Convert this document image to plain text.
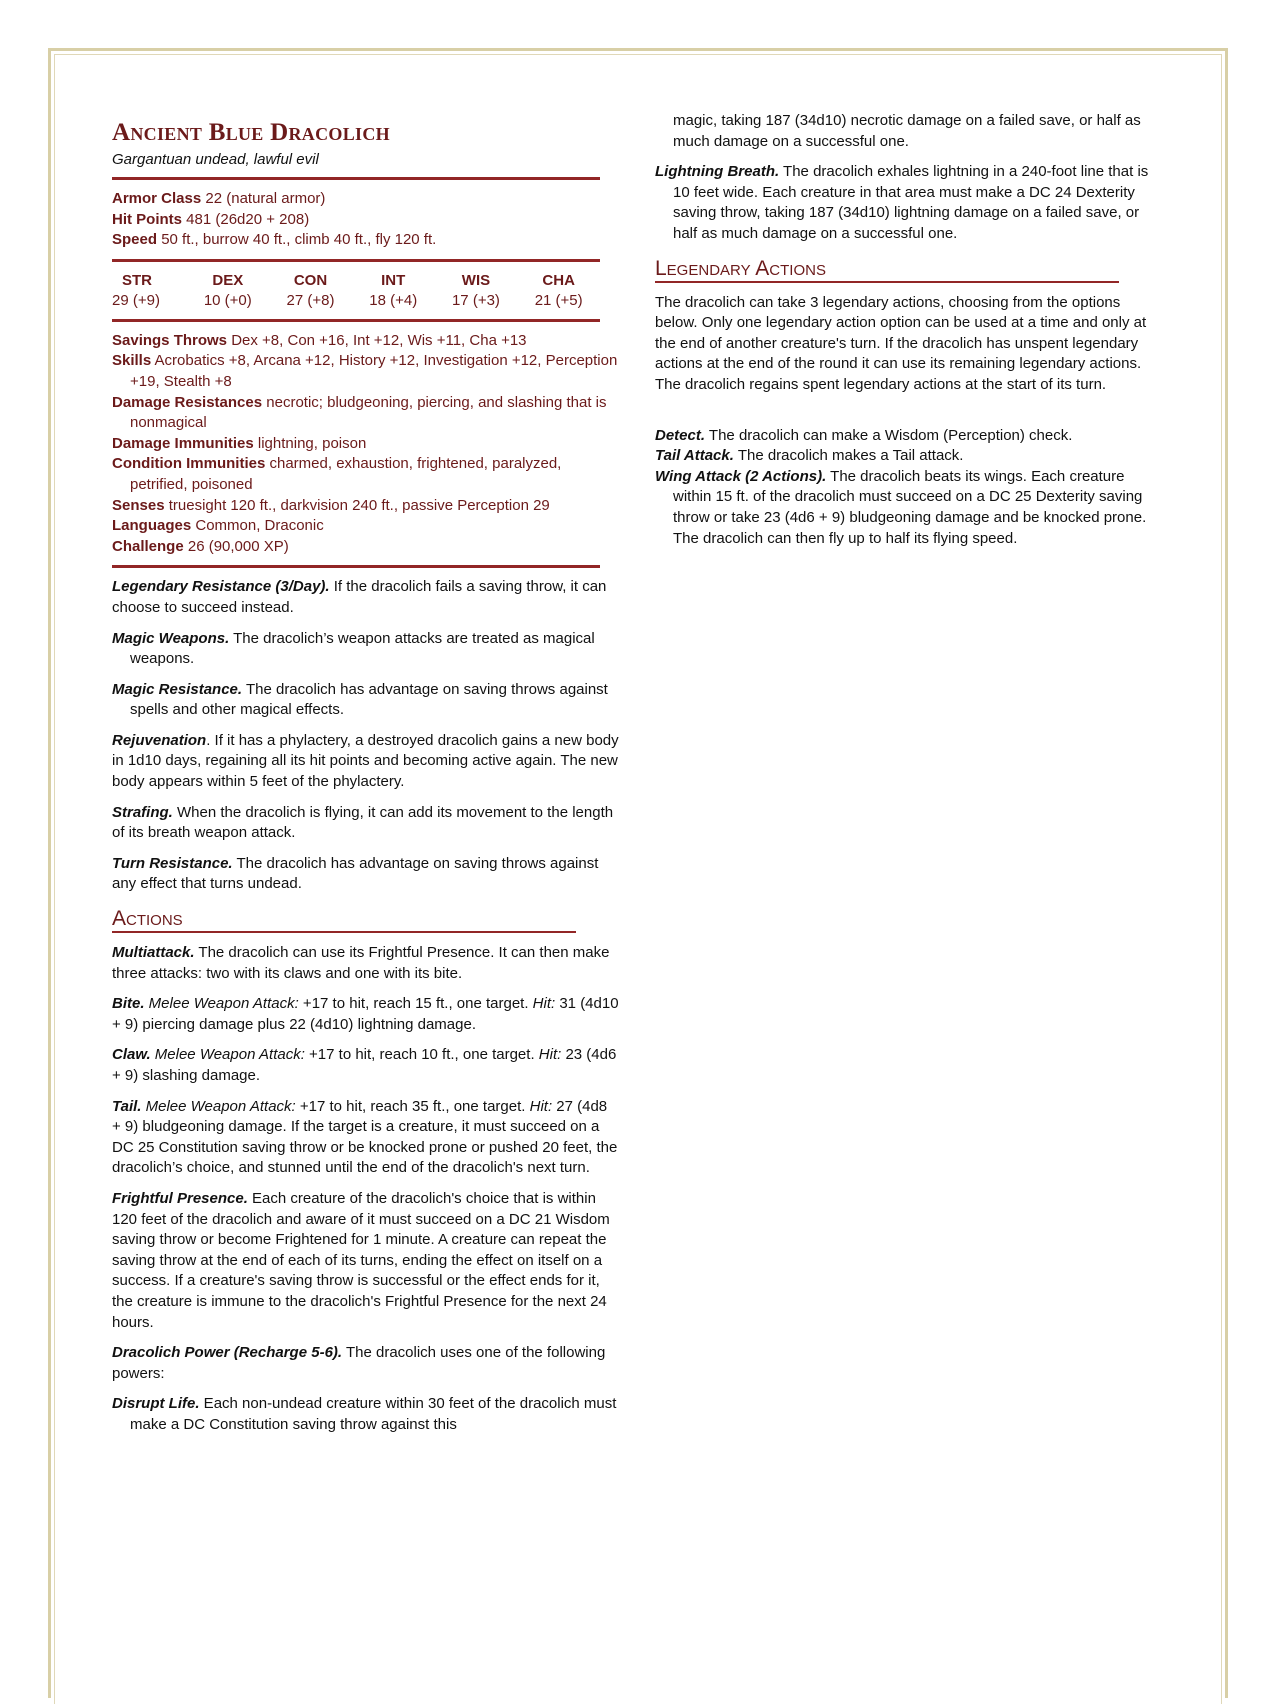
Ancient Blue Dracolich
Gargantuan undead, lawful evil
Armor Class 22 (natural armor)
Hit Points 481 (26d20 + 208)
Speed 50 ft., burrow 40 ft., climb 40 ft., fly 120 ft.
STR
29 (+9)
DEX
10 (+0)
CON
27 (+8)
INT
18 (+4)
WIS
17 (+3)
CHA
21 (+5)
Savings Throws Dex +8, Con +16, Int +12, Wis +11, Cha +13
Skills Acrobatics +8, Arcana +12, History +12, Investigation +12, Perception +19, Stealth +8
Damage Resistances necrotic; bludgeoning, piercing, and slashing that is nonmagical
Damage Immunities lightning, poison
Condition Immunities charmed, exhaustion, frightened, paralyzed, petrified, poisoned
Senses truesight 120 ft., darkvision 240 ft., passive Perception 29
Languages Common, Draconic
Challenge 26 (90,000 XP)

Legendary Resistance (3/Day). If the dracolich fails a saving throw, it can choose to succeed instead.

Magic Weapons. The dracolich’s weapon attacks are treated as magical weapons.

Magic Resistance. The dracolich has advantage on saving throws against spells and other magical effects.

Rejuvenation. If it has a phylactery, a destroyed dracolich gains a new body in 1d10 days, regaining all its hit points and becoming active again. The new body appears within 5 feet of the phylactery.

Strafing. When the dracolich is flying, it can add its movement to the length of its breath weapon attack.

Turn Resistance. The dracolich has advantage on saving throws against any effect that turns undead.

Actions

Multiattack. The dracolich can use its Frightful Presence. It can then make three attacks: two with its claws and one with its bite.

Bite. Melee Weapon Attack: +17 to hit, reach 15 ft., one target. Hit: 31 (4d10 + 9) piercing damage plus 22 (4d10) lightning damage.

Claw. Melee Weapon Attack: +17 to hit, reach 10 ft., one target. Hit: 23 (4d6 + 9) slashing damage.

Tail. Melee Weapon Attack: +17 to hit, reach 35 ft., one target. Hit: 27 (4d8 + 9) bludgeoning damage. If the target is a creature, it must succeed on a DC 25 Constitution saving throw or be knocked prone or pushed 20 feet, the dracolich’s choice, and stunned until the end of the dracolich's next turn.

Frightful Presence. Each creature of the dracolich's choice that is within 120 feet of the dracolich and aware of it must succeed on a DC 21 Wisdom saving throw or become Frightened for 1 minute. A creature can repeat the saving throw at the end of each of its turns, ending the effect on itself on a success. If a creature's saving throw is successful or the effect ends for it, the creature is immune to the dracolich's Frightful Presence for the next 24 hours.

Dracolich Power (Recharge 5-6). The dracolich uses one of the following powers:

Disrupt Life. Each non-undead creature within 30 feet of the dracolich must make a DC Constitution saving throw against this

magic, taking 187 (34d10) necrotic damage on a failed save, or half as much damage on a successful one.

Lightning Breath. The dracolich exhales lightning in a 240-foot line that is 10 feet wide. Each creature in that area must make a DC 24 Dexterity saving throw, taking 187 (34d10) lightning damage on a failed save, or half as much damage on a successful one.

Legendary Actions

The dracolich can take 3 legendary actions, choosing from the options below. Only one legendary action option can be used at a time and only at the end of another creature's turn. If the dracolich has unspent legendary actions at the end of the round it can use its remaining legendary actions. The dracolich regains spent legendary actions at the start of its turn.

Detect. The dracolich can make a Wisdom (Perception) check.

Tail Attack. The dracolich makes a Tail attack.

Wing Attack (2 Actions). The dracolich beats its wings. Each creature within 15 ft. of the dracolich must succeed on a DC 25 Dexterity saving throw or take 23 (4d6 + 9) bludgeoning damage and be knocked prone. The dracolich can then fly up to half its flying speed.
